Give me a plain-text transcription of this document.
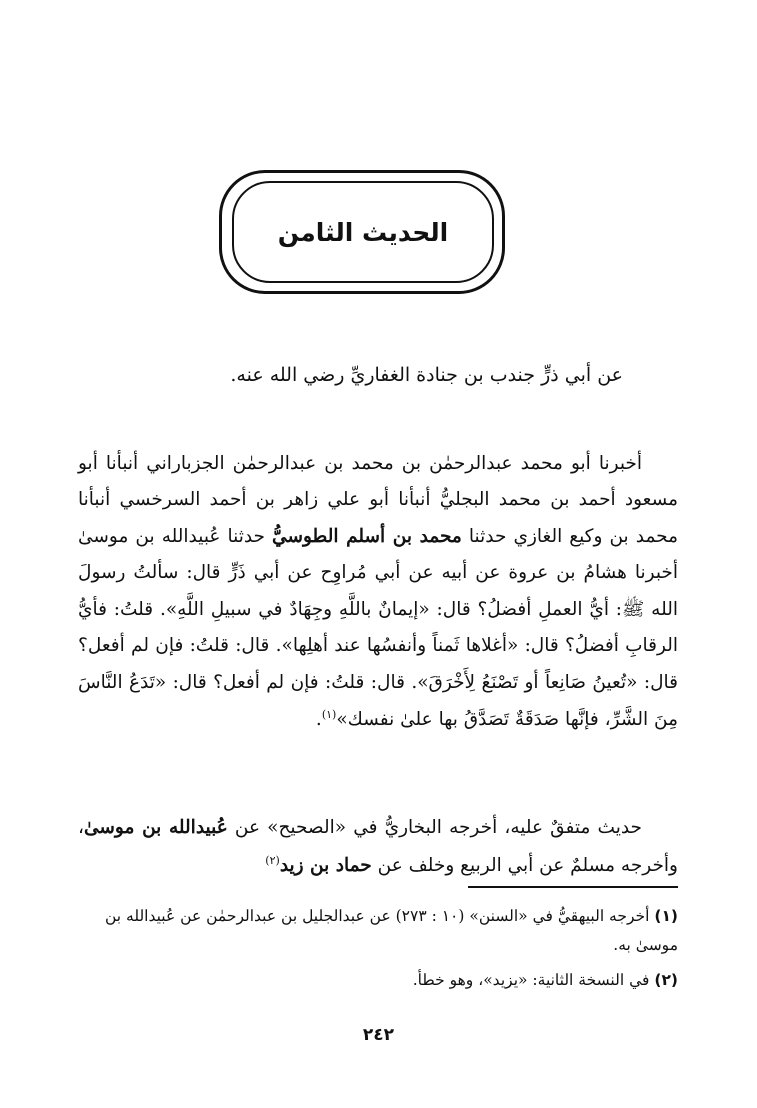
الحديث الثامن
عن أبي ذرٍّ جندب بن جنادة الغفاريِّ رضي الله عنه.

أخبرنا أبو محمد عبدالرحمٰن بن محمد بن عبدالرحمٰن الجزباراني أنبأنا أبو مسعود أحمد بن محمد البجليُّ أنبأنا أبو علي زاهر بن أحمد السرخسي أنبأنا محمد بن وكيع الغازي حدثنا محمد بن أسلم الطوسيُّ حدثنا عُبيدالله بن موسىٰ أخبرنا هشامُ بن عروة عن أبيه عن أبي مُراوِح عن أبي ذَرٍّ قال: سألتُ رسولَ الله ﷺ: أيُّ العملِ أفضلُ؟ قال: «إيمانٌ باللَّهِ وجِهَادٌ في سبيلِ اللَّهِ». قلتُ: فأيُّ الرقابِ أفضلُ؟ قال: «أغلاها ثَمناً وأنفسُها عند أهلِها». قال: قلتُ: فإن لم أفعل؟ قال: «تُعينُ صَانِعاً أو تَصْنَعُ لِأَخْرَقَ». قال: قلتُ: فإن لم أفعل؟ قال: «تَدَعُ النَّاسَ مِنَ الشَّرِّ، فإنَّها صَدَقَةٌ تَصَدَّقُ بها علىٰ نفسك»$^{(١)}$.

حديث متفقٌ عليه، أخرجه البخاريُّ في «الصحيح» عن عُبيدالله بن موسىٰ، وأخرجه مسلمٌ عن أبي الربيع وخلف عن حماد بن زيد$^{(٢)}$

(١) أخرجه البيهقيُّ في «السنن» (١٠ : ٢٧٣) عن عبدالجليل بن عبدالرحمٰن عن عُبيدالله بن موسىٰ به.
(٢) في النسخة الثانية: «يزيد»، وهو خطأ.
٢٤٢
